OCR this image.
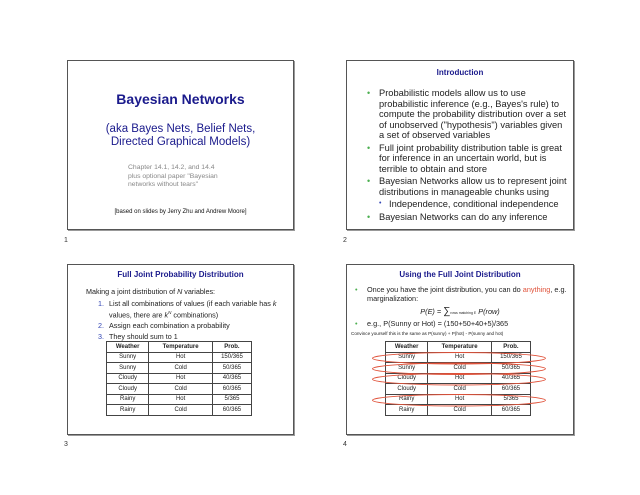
Bayesian Networks
(aka Bayes Nets, Belief Nets,
Directed Graphical Models)
Chapter 14.1, 14.2, and 14.4
plus optional paper "Bayesian
networks without tears"
[based on slides by Jerry Zhu and Andrew Moore]
1
Introduction
• Probabilistic models allow us to use probabilistic inference (e.g., Bayes's rule) to compute the probability distribution over a set of unobserved ("hypothesis") variables given a set of observed variables
• Full joint probability distribution table is great for inference in an uncertain world, but is terrible to obtain and store
• Bayesian Networks allow us to represent joint distributions in manageable chunks using
• Independence, conditional independence
• Bayesian Networks can do any inference
2
Full Joint Probability Distribution
Making a joint distribution of N variables:
1. List all combinations of values (if each variable has k values, there are $k^N$ combinations)
2. Assign each combination a probability
3. They should sum to 1
Weather	Temperature	Prob.
Sunny	Hot	150/365
Sunny	Cold	50/365
Cloudy	Hot	40/365
Cloudy	Cold	60/365
Rainy	Hot	5/365
Rainy	Cold	60/365
3
Using the Full Joint Distribution
• Once you have the joint distribution, you can do anything, e.g. marginalization:
P(E) = ∑rows matching E P(row)
• e.g., P(Sunny or Hot) = (150+50+40+5)/365
Convince yourself this is the same as P(sunny) + P(hot) - P(sunny and hot)
Weather	Temperature	Prob.
Sunny	Hot	150/365
Sunny	Cold	50/365
Cloudy	Hot	40/365
Cloudy	Cold	60/365
Rainy	Hot	5/365
Rainy	Cold	60/365
4
